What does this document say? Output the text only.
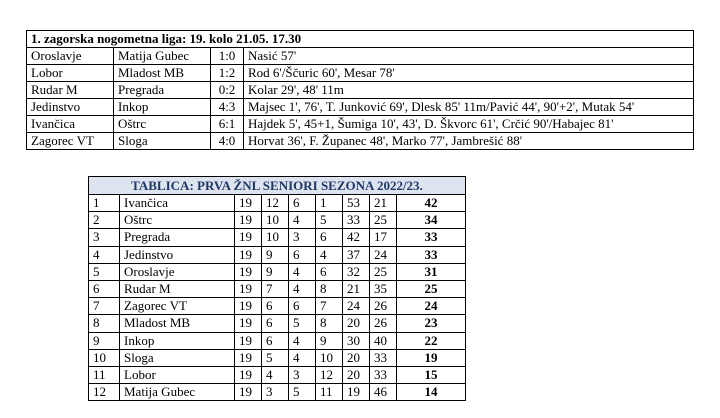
1. zagorska nogometna liga: 19. kolo 21.05. 17.30			
Oroslavje	Matija Gubec	1:0	Nasić 57'
Lobor	Mladost MB	1:2	Rod 6'/Ščuric 60', Mesar 78'
Rudar M	Pregrada	0:2	Kolar 29', 48' 11m
Jedinstvo	Inkop	4:3	Majsec 1', 76', T. Junković 69', Dlesk 85' 11m/Pavić 44', 90'+2', Mutak 54'
Ivančica	Oštrc	6:1	Hajdek 5', 45+1, Šumiga 10', 43', D. Škvorc 61', Crčić 90'/Habajec 81'
Zagorec VT	Sloga	4:0	Horvat 36', F. Županec 48', Marko 77', Jambrešić 88'
TABLICA: PRVA ŽNL SENIORI SEZONA 2022/23.								
1	Ivančica	19	12	6	1	53	21	42
2	Oštrc	19	10	4	5	33	25	34
3	Pregrada	19	10	3	6	42	17	33
4	Jedinstvo	19	9	6	4	37	24	33
5	Oroslavje	19	9	4	6	32	25	31
6	Rudar M	19	7	4	8	21	35	25
7	Zagorec VT	19	6	6	7	24	26	24
8	Mladost MB	19	6	5	8	20	26	23
9	Inkop	19	6	4	9	30	40	22
10	Sloga	19	5	4	10	20	33	19
11	Lobor	19	4	3	12	20	33	15
12	Matija Gubec	19	3	5	11	19	46	14
